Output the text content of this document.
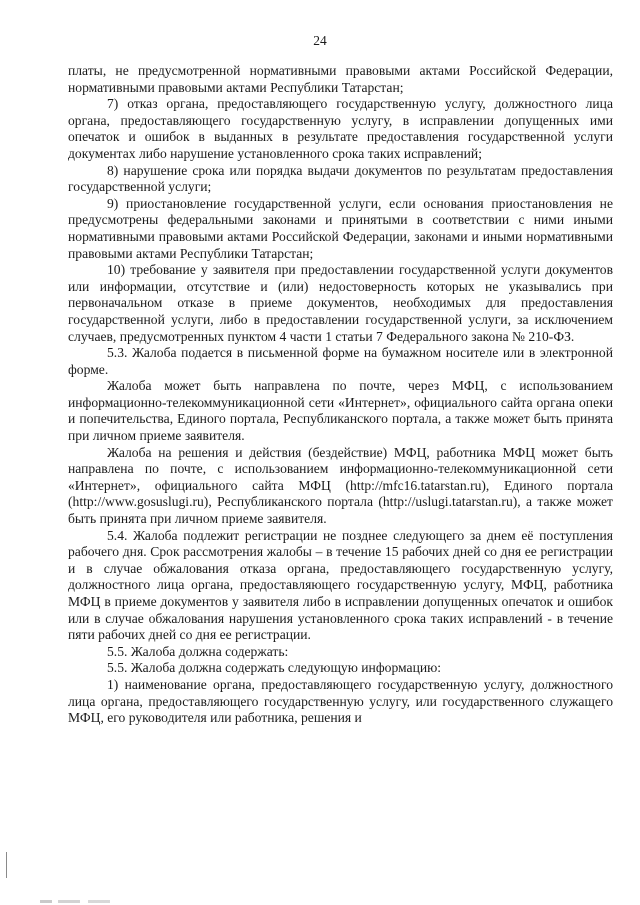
24

платы, не предусмотренной нормативными правовыми актами Российской Федерации, нормативными правовыми актами Республики Татарстан;

7) отказ органа, предоставляющего государственную услугу, должностного лица органа, предоставляющего государственную услугу, в исправлении допущенных ими опечаток и ошибок в выданных в результате предоставления государственной услуги документах либо нарушение установленного срока таких исправлений;

8) нарушение срока или порядка выдачи документов по результатам предоставления государственной услуги;

9) приостановление государственной услуги, если основания приостановления не предусмотрены федеральными законами и принятыми в соответствии с ними иными нормативными правовыми актами Российской Федерации, законами и иными нормативными правовыми актами Республики Татарстан;

10) требование у заявителя при предоставлении государственной услуги документов или информации, отсутствие и (или) недостоверность которых не указывались при первоначальном отказе в приеме документов, необходимых для предоставления государственной услуги, либо в предоставлении государственной услуги, за исключением случаев, предусмотренных пунктом 4 части 1 статьи 7 Федерального закона № 210-ФЗ.

5.3. Жалоба подается в письменной форме на бумажном носителе или в электронной форме.

Жалоба может быть направлена по почте, через МФЦ, с использованием информационно-телекоммуникационной сети «Интернет», официального сайта органа опеки и попечительства, Единого портала, Республиканского портала, а также может быть принята при личном приеме заявителя.

Жалоба на решения и действия (бездействие) МФЦ, работника МФЦ может быть направлена по почте, с использованием информационно-телекоммуникационной сети «Интернет», официального сайта МФЦ (http://mfc16.tatarstan.ru), Единого портала (http://www.gosuslugi.ru), Республиканского портала (http://uslugi.tatarstan.ru), а также может быть принята при личном приеме заявителя.

5.4. Жалоба подлежит регистрации не позднее следующего за днем её поступления рабочего дня. Срок рассмотрения жалобы – в течение 15 рабочих дней со дня ее регистрации и в случае обжалования отказа органа, предоставляющего государственную услугу, должностного лица органа, предоставляющего государственную услугу, МФЦ, работника МФЦ в приеме документов у заявителя либо в исправлении допущенных опечаток и ошибок или в случае обжалования нарушения установленного срока таких исправлений - в течение пяти рабочих дней со дня ее регистрации.

5.5. Жалоба должна содержать:

5.5. Жалоба должна содержать следующую информацию:

1) наименование органа, предоставляющего государственную услугу, должностного лица органа, предоставляющего государственную услугу, или государственного служащего МФЦ, его руководителя или работника, решения и
